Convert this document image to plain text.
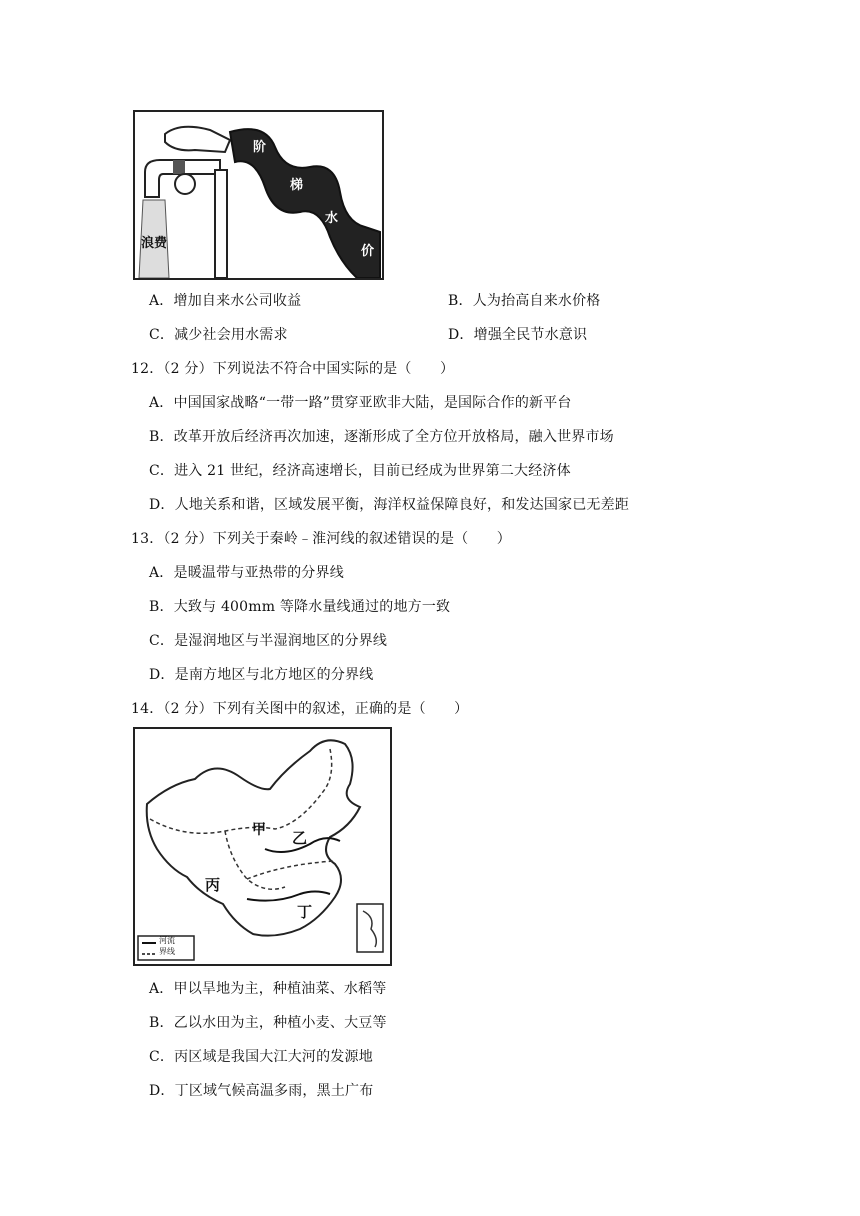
浪费
阶
梯
水
价
A．增加自来水公司收益	B．人为抬高自来水价格
C．减少社会用水需求	D．增强全民节水意识
12．（2 分）下列说法不符合中国实际的是（　　）
A．中国国家战略“一带一路”贯穿亚欧非大陆，是国际合作的新平台
B．改革开放后经济再次加速，逐渐形成了全方位开放格局，融入世界市场
C．进入 21 世纪，经济高速增长，目前已经成为世界第二大经济体
D．人地关系和谐，区域发展平衡，海洋权益保障良好，和发达国家已无差距
13．（2 分）下列关于秦岭﹣淮河线的叙述错误的是（　　）
A．是暖温带与亚热带的分界线
B．大致与 400mm 等降水量线通过的地方一致
C．是湿润地区与半湿润地区的分界线
D．是南方地区与北方地区的分界线
14．（2 分）下列有关图中的叙述，正确的是（　　）
甲 乙
丙
丁
河流
界线
A．甲以旱地为主，种植油菜、水稻等
B．乙以水田为主，种植小麦、大豆等
C．丙区域是我国大江大河的发源地
D．丁区域气候高温多雨，黑土广布
